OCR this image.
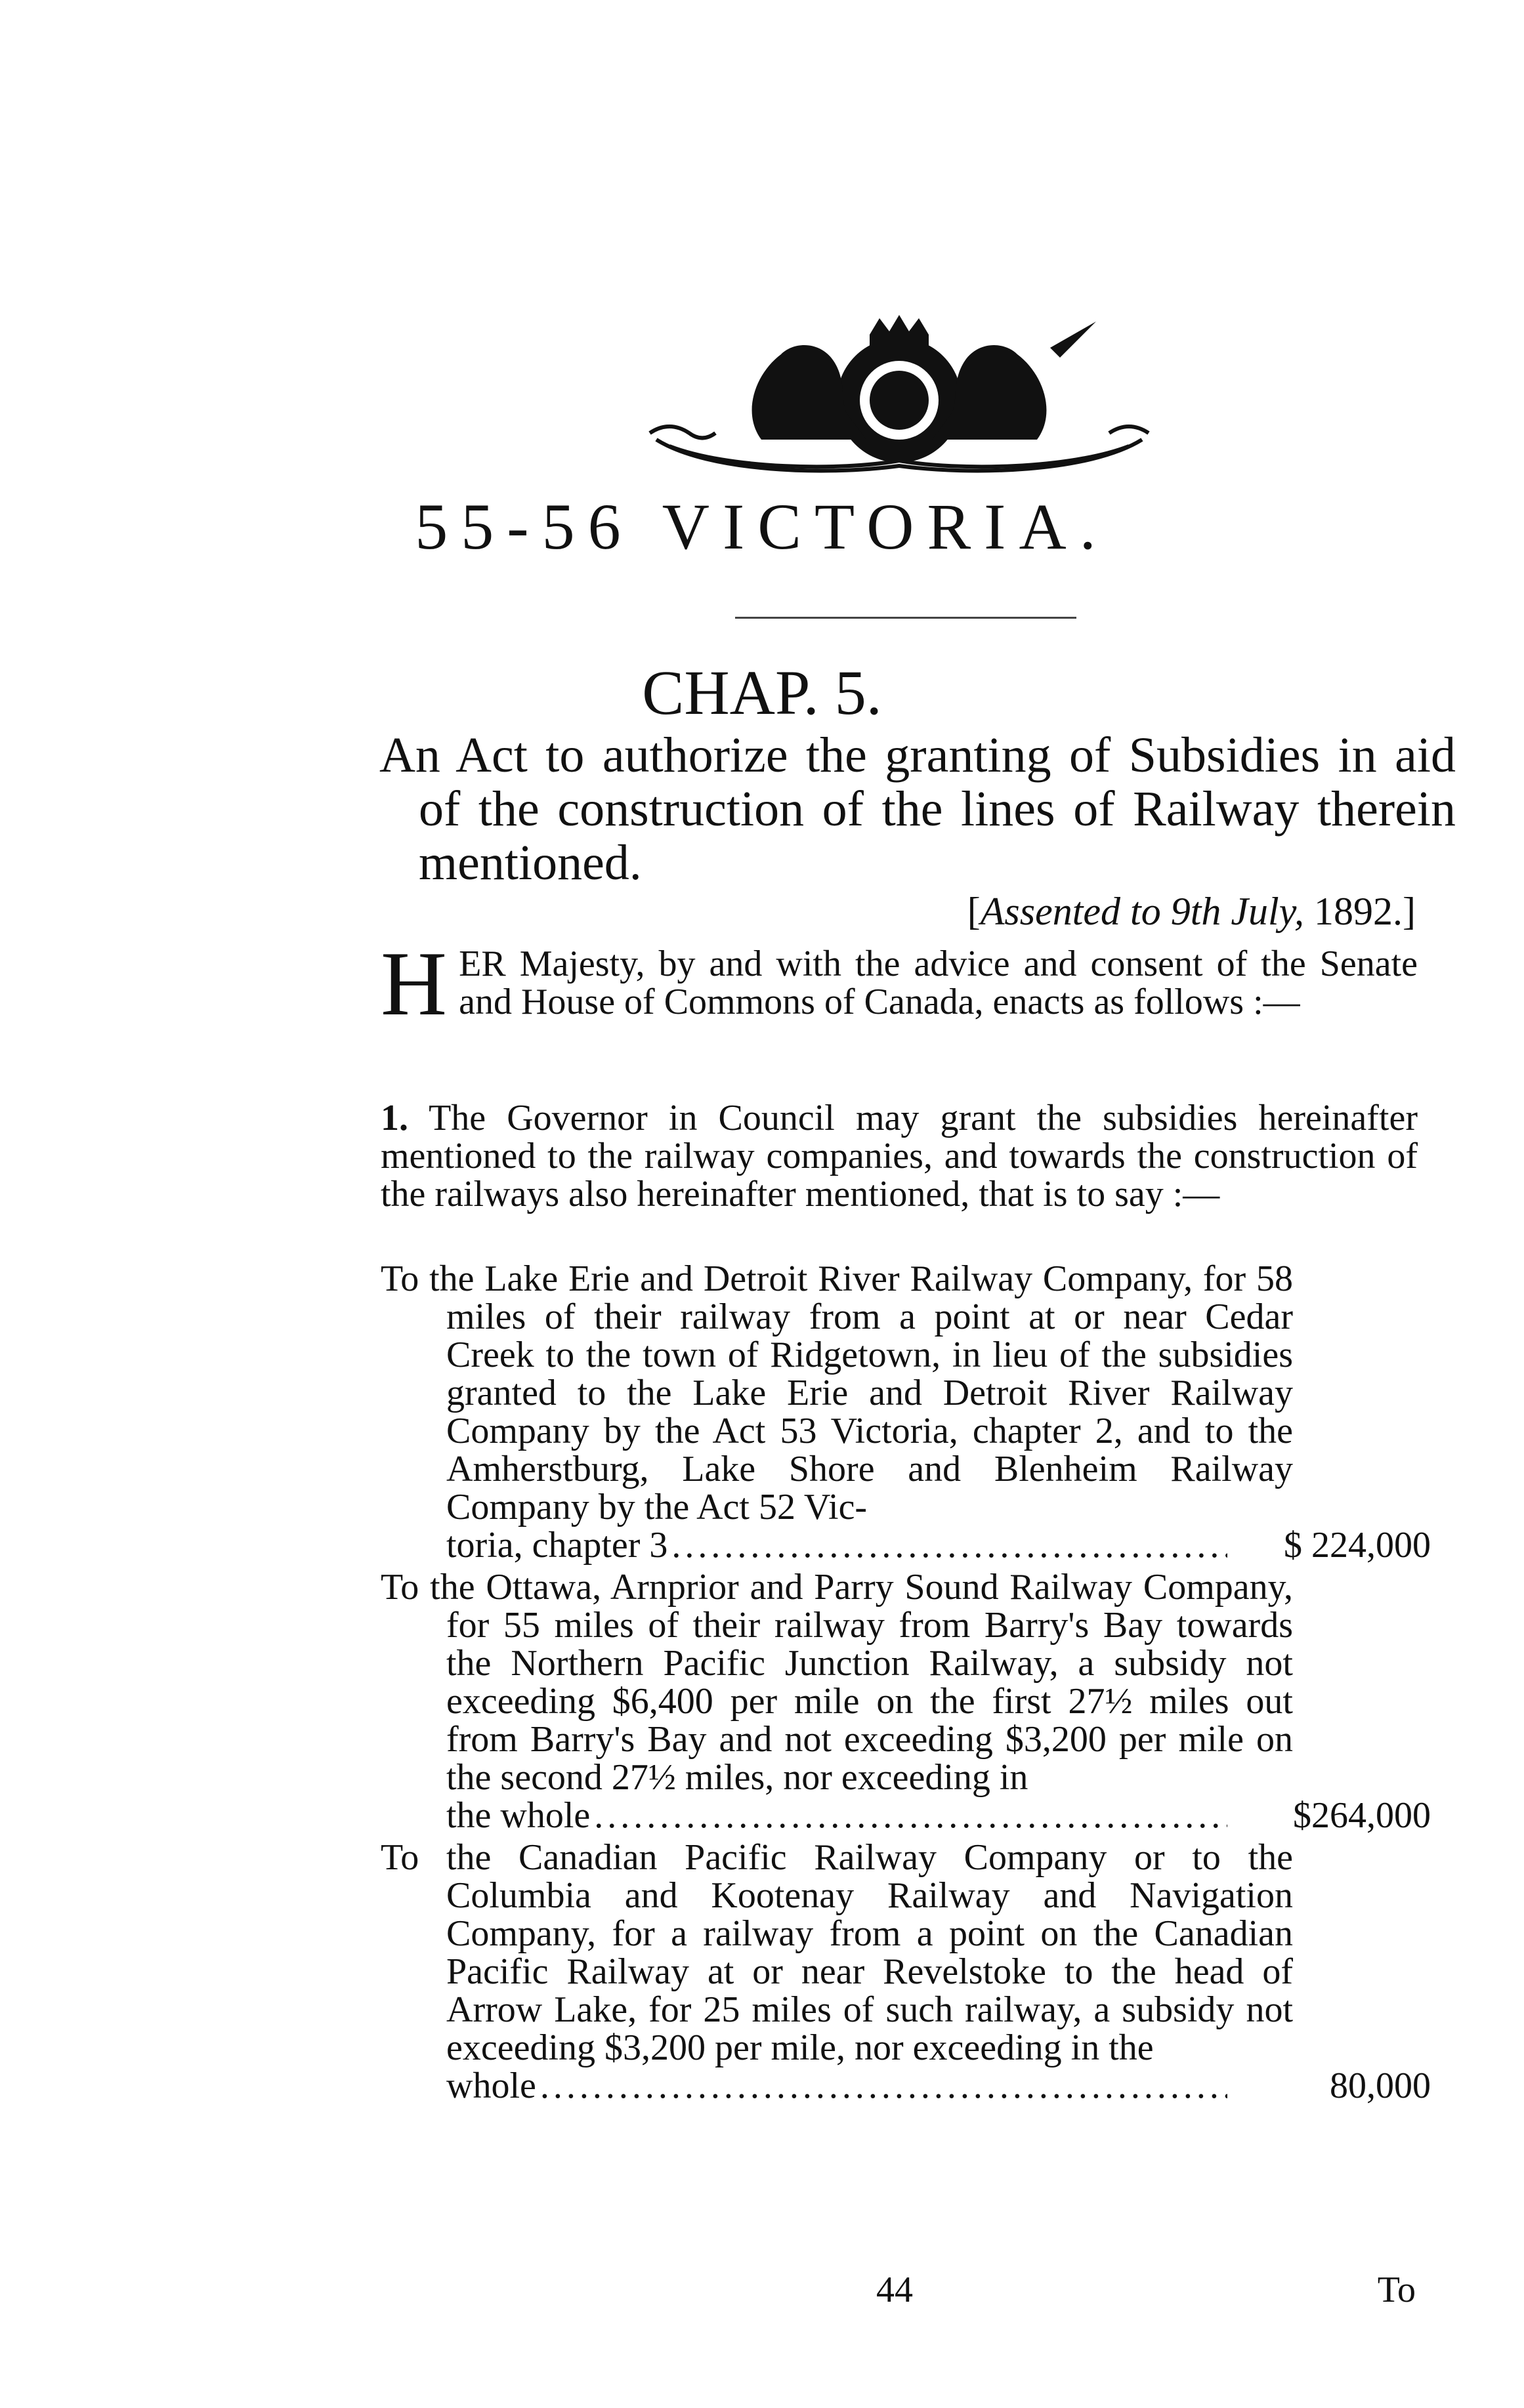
55-56 VICTORIA.
CHAP. 5.
An Act to authorize the granting of Subsidies in aid of the construction of the lines of Railway therein mentioned.
[Assented to 9th July, 1892.]
H ER Majesty, by and with the advice and consent of the Senate and House of Commons of Canada, enacts as follows :—
1. The Governor in Council may grant the subsidies hereinafter mentioned to the railway companies, and towards the construction of the railways also hereinafter mentioned, that is to say :—
To the Lake Erie and Detroit River Railway Company, for 58 miles of their railway from a point at or near Cedar Creek to the town of Ridgetown, in lieu of the subsidies granted to the Lake Erie and Detroit River Railway Company by the Act 53 Victoria, chapter 2, and to the Amherstburg, Lake Shore and Blenheim Railway Company by the Act 52 Vic-
toria, chapter 3 . . .	$ 224,000
To the Ottawa, Arnprior and Parry Sound Railway Company, for 55 miles of their railway from Barry's Bay towards the Northern Pacific Junction Railway, a subsidy not exceeding $6,400 per mile on the first 27½ miles out from Barry's Bay and not exceeding $3,200 per mile on the second 27½ miles, nor exceeding in
the whole . . .	$264,000
To the Canadian Pacific Railway Company or to the Columbia and Kootenay Railway and Navigation Company, for a railway from a point on the Canadian Pacific Railway at or near Revelstoke to the head of Arrow Lake, for 25 miles of such railway, a subsidy not exceeding $3,200 per mile, nor exceeding in the
whole . . .	80,000
44	To
